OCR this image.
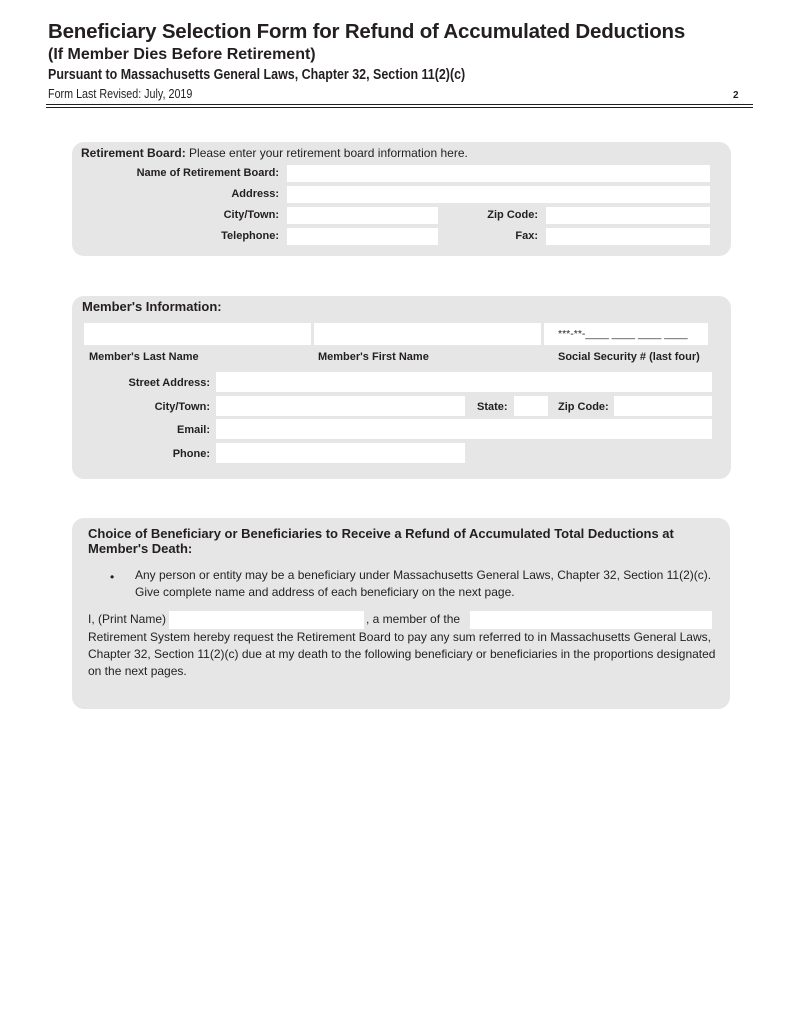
Beneficiary Selection Form for Refund of Accumulated Deductions
(If Member Dies Before Retirement)
Pursuant to Massachusetts General Laws, Chapter 32, Section 11(2)(c)
Form Last Revised: July, 2019	2
Retirement Board: Please enter your retirement board information here.
Name of Retirement Board:
Address:
City/Town:	Zip Code:
Telephone:	Fax:
Member's Information:
***-**-____ ____ ____ ____
Member's Last Name	Member's First Name	Social Security # (last four)
Street Address:
City/Town:	State:	Zip Code:
Email:
Phone:
Choice of Beneficiary or Beneficiaries to Receive a Refund of Accumulated Total Deductions at Member's Death:
• Any person or entity may be a beneficiary under Massachusetts General Laws, Chapter 32, Section 11(2)(c). Give complete name and address of each beneficiary on the next page.
I, (Print Name)	, a member of the
Retirement System hereby request the Retirement Board to pay any sum referred to in Massachusetts General Laws, Chapter 32, Section 11(2)(c) due at my death to the following beneficiary or beneficiaries in the proportions designated on the next pages.
